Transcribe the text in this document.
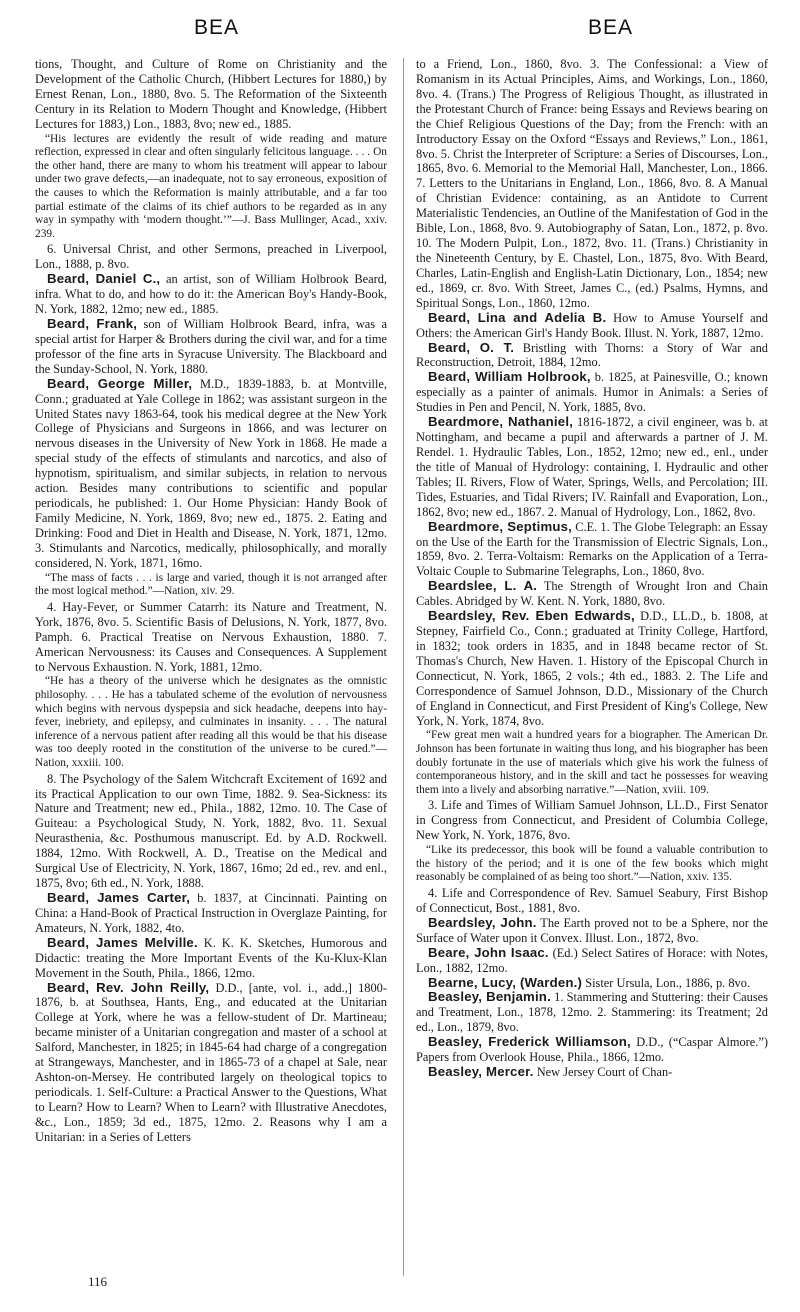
BEA	BEA

tions, Thought, and Culture of Rome on Christianity and the Development of the Catholic Church, (Hibbert Lectures for 1880,) by Ernest Renan, Lon., 1880, 8vo. 5. The Reformation of the Sixteenth Century in its Relation to Modern Thought and Knowledge, (Hibbert Lectures for 1883,) Lon., 1883, 8vo; new ed., 1885.

“His lectures are evidently the result of wide reading and mature reflection, expressed in clear and often singularly felicitous language. . . . On the other hand, there are many to whom his treatment will appear to labour under two grave defects,—an inadequate, not to say erroneous, exposition of the causes to which the Reformation is mainly attributable, and a far too partial estimate of the claims of its chief authors to be regarded as in any way in sympathy with ‘modern thought.’”—J. Bass Mullinger, Acad., xxiv. 239.

6. Universal Christ, and other Sermons, preached in Liverpool, Lon., 1888, p. 8vo.

Beard, Daniel C., an artist, son of William Holbrook Beard, infra. What to do, and how to do it: the American Boy's Handy-Book, N. York, 1882, 12mo; new ed., 1885.

Beard, Frank, son of William Holbrook Beard, infra, was a special artist for Harper & Brothers during the civil war, and for a time professor of the fine arts in Syracuse University. The Blackboard and the Sunday-School, N. York, 1880.

Beard, George Miller, M.D., 1839-1883, b. at Montville, Conn.; graduated at Yale College in 1862; was assistant surgeon in the United States navy 1863-64, took his medical degree at the New York College of Physicians and Surgeons in 1866, and was lecturer on nervous diseases in the University of New York in 1868. He made a special study of the effects of stimulants and narcotics, and also of hypnotism, spiritualism, and similar subjects, in relation to nervous action. Besides many contributions to scientific and popular periodicals, he published: 1. Our Home Physician: Handy Book of Family Medicine, N. York, 1869, 8vo; new ed., 1875. 2. Eating and Drinking: Food and Diet in Health and Disease, N. York, 1871, 12mo. 3. Stimulants and Narcotics, medically, philosophically, and morally considered, N. York, 1871, 16mo.

“The mass of facts . . . is large and varied, though it is not arranged after the most logical method.”—Nation, xiv. 29.

4. Hay-Fever, or Summer Catarrh: its Nature and Treatment, N. York, 1876, 8vo. 5. Scientific Basis of Delusions, N. York, 1877, 8vo. Pamph. 6. Practical Treatise on Nervous Exhaustion, 1880. 7. American Nervousness: its Causes and Consequences. A Supplement to Nervous Exhaustion. N. York, 1881, 12mo.

“He has a theory of the universe which he designates as the omnistic philosophy. . . . He has a tabulated scheme of the evolution of nervousness which begins with nervous dyspepsia and sick headache, deepens into hay-fever, inebriety, and epilepsy, and culminates in insanity. . . . The natural inference of a nervous patient after reading all this would be that his disease was too deeply rooted in the constitution of the universe to be cured.”—Nation, xxxiii. 100.

8. The Psychology of the Salem Witchcraft Excitement of 1692 and its Practical Application to our own Time, 1882. 9. Sea-Sickness: its Nature and Treatment; new ed., Phila., 1882, 12mo. 10. The Case of Guiteau: a Psychological Study, N. York, 1882, 8vo. 11. Sexual Neurasthenia, &c. Posthumous manuscript. Ed. by A.D. Rockwell. 1884, 12mo. With Rockwell, A. D., Treatise on the Medical and Surgical Use of Electricity, N. York, 1867, 16mo; 2d ed., rev. and enl., 1875, 8vo; 6th ed., N. York, 1888.

Beard, James Carter, b. 1837, at Cincinnati. Painting on China: a Hand-Book of Practical Instruction in Overglaze Painting, for Amateurs, N. York, 1882, 4to.

Beard, James Melville. K. K. K. Sketches, Humorous and Didactic: treating the More Important Events of the Ku-Klux-Klan Movement in the South, Phila., 1866, 12mo.

Beard, Rev. John Reilly, D.D., [ante, vol. i., add.,] 1800-1876, b. at Southsea, Hants, Eng., and educated at the Unitarian College at York, where he was a fellow-student of Dr. Martineau; became minister of a Unitarian congregation and master of a school at Salford, Manchester, in 1825; in 1845-64 had charge of a congregation at Strangeways, Manchester, and in 1865-73 of a chapel at Sale, near Ashton-on-Mersey. He contributed largely on theological topics to periodicals. 1. Self-Culture: a Practical Answer to the Questions, What to Learn? How to Learn? When to Learn? with Illustrative Anecdotes, &c., Lon., 1859; 3d ed., 1875, 12mo. 2. Reasons why I am a Unitarian: in a Series of Letters

to a Friend, Lon., 1860, 8vo. 3. The Confessional: a View of Romanism in its Actual Principles, Aims, and Workings, Lon., 1860, 8vo. 4. (Trans.) The Progress of Religious Thought, as illustrated in the Protestant Church of France: being Essays and Reviews bearing on the Chief Religious Questions of the Day; from the French: with an Introductory Essay on the Oxford “Essays and Reviews,” Lon., 1861, 8vo. 5. Christ the Interpreter of Scripture: a Series of Discourses, Lon., 1865, 8vo. 6. Memorial to the Memorial Hall, Manchester, Lon., 1866. 7. Letters to the Unitarians in England, Lon., 1866, 8vo. 8. A Manual of Christian Evidence: containing, as an Antidote to Current Materialistic Tendencies, an Outline of the Manifestation of God in the Bible, Lon., 1868, 8vo. 9. Autobiography of Satan, Lon., 1872, p. 8vo. 10. The Modern Pulpit, Lon., 1872, 8vo. 11. (Trans.) Christianity in the Nineteenth Century, by E. Chastel, Lon., 1875, 8vo. With Beard, Charles, Latin-English and English-Latin Dictionary, Lon., 1854; new ed., 1869, cr. 8vo. With Street, James C., (ed.) Psalms, Hymns, and Spiritual Songs, Lon., 1860, 12mo.

Beard, Lina and Adelia B. How to Amuse Yourself and Others: the American Girl's Handy Book. Illust. N. York, 1887, 12mo.

Beard, O. T. Bristling with Thorns: a Story of War and Reconstruction, Detroit, 1884, 12mo.

Beard, William Holbrook, b. 1825, at Painesville, O.; known especially as a painter of animals. Humor in Animals: a Series of Studies in Pen and Pencil, N. York, 1885, 8vo.

Beardmore, Nathaniel, 1816-1872, a civil engineer, was b. at Nottingham, and became a pupil and afterwards a partner of J. M. Rendel. 1. Hydraulic Tables, Lon., 1852, 12mo; new ed., enl., under the title of Manual of Hydrology: containing, I. Hydraulic and other Tables; II. Rivers, Flow of Water, Springs, Wells, and Percolation; III. Tides, Estuaries, and Tidal Rivers; IV. Rainfall and Evaporation, Lon., 1862, 8vo; new ed., 1867. 2. Manual of Hydrology, Lon., 1862, 8vo.

Beardmore, Septimus, C.E. 1. The Globe Telegraph: an Essay on the Use of the Earth for the Transmission of Electric Signals, Lon., 1859, 8vo. 2. Terra-Voltaism: Remarks on the Application of a Terra-Voltaic Couple to Submarine Telegraphs, Lon., 1860, 8vo.

Beardslee, L. A. The Strength of Wrought Iron and Chain Cables. Abridged by W. Kent. N. York, 1880, 8vo.

Beardsley, Rev. Eben Edwards, D.D., LL.D., b. 1808, at Stepney, Fairfield Co., Conn.; graduated at Trinity College, Hartford, in 1832; took orders in 1835, and in 1848 became rector of St. Thomas's Church, New Haven. 1. History of the Episcopal Church in Connecticut, N. York, 1865, 2 vols.; 4th ed., 1883. 2. The Life and Correspondence of Samuel Johnson, D.D., Missionary of the Church of England in Connecticut, and First President of King's College, New York, N. York, 1874, 8vo.

“Few great men wait a hundred years for a biographer. The American Dr. Johnson has been fortunate in waiting thus long, and his biographer has been doubly fortunate in the use of materials which give his work the fulness of contemporaneous history, and in the skill and tact he possesses for weaving them into a lively and absorbing narrative.”—Nation, xviii. 109.

3. Life and Times of William Samuel Johnson, LL.D., First Senator in Congress from Connecticut, and President of Columbia College, New York, N. York, 1876, 8vo.

“Like its predecessor, this book will be found a valuable contribution to the history of the period; and it is one of the few books which might reasonably be complained of as being too short.”—Nation, xxiv. 135.

4. Life and Correspondence of Rev. Samuel Seabury, First Bishop of Connecticut, Bost., 1881, 8vo.

Beardsley, John. The Earth proved not to be a Sphere, nor the Surface of Water upon it Convex. Illust. Lon., 1872, 8vo.

Beare, John Isaac. (Ed.) Select Satires of Horace: with Notes, Lon., 1882, 12mo.

Bearne, Lucy, (Warden.) Sister Ursula, Lon., 1886, p. 8vo.

Beasley, Benjamin. 1. Stammering and Stuttering: their Causes and Treatment, Lon., 1878, 12mo. 2. Stammering: its Treatment; 2d ed., Lon., 1879, 8vo.

Beasley, Frederick Williamson, D.D., (“Caspar Almore.”) Papers from Overlook House, Phila., 1866, 12mo.

Beasley, Mercer. New Jersey Court of Chan-

116
